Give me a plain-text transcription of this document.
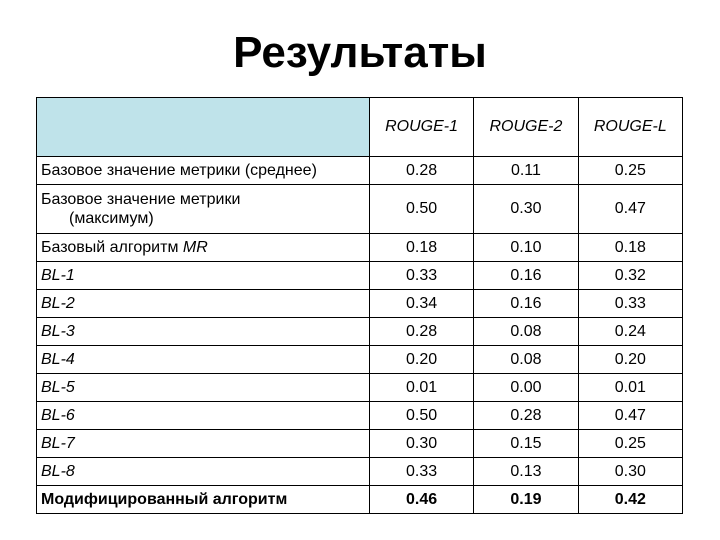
Результаты
	ROUGE-1	ROUGE-2	ROUGE-L
Базовое значение метрики (среднее)	0.28	0.11	0.25
Базовое значение метрики
(максимум)	0.50	0.30	0.47
Базовый алгоритм MR	0.18	0.10	0.18
BL-1	0.33	0.16	0.32
BL-2	0.34	0.16	0.33
BL-3	0.28	0.08	0.24
BL-4	0.20	0.08	0.20
BL-5	0.01	0.00	0.01
BL-6	0.50	0.28	0.47
BL-7	0.30	0.15	0.25
BL-8	0.33	0.13	0.30
Модифицированный алгоритм	0.46	0.19	0.42
